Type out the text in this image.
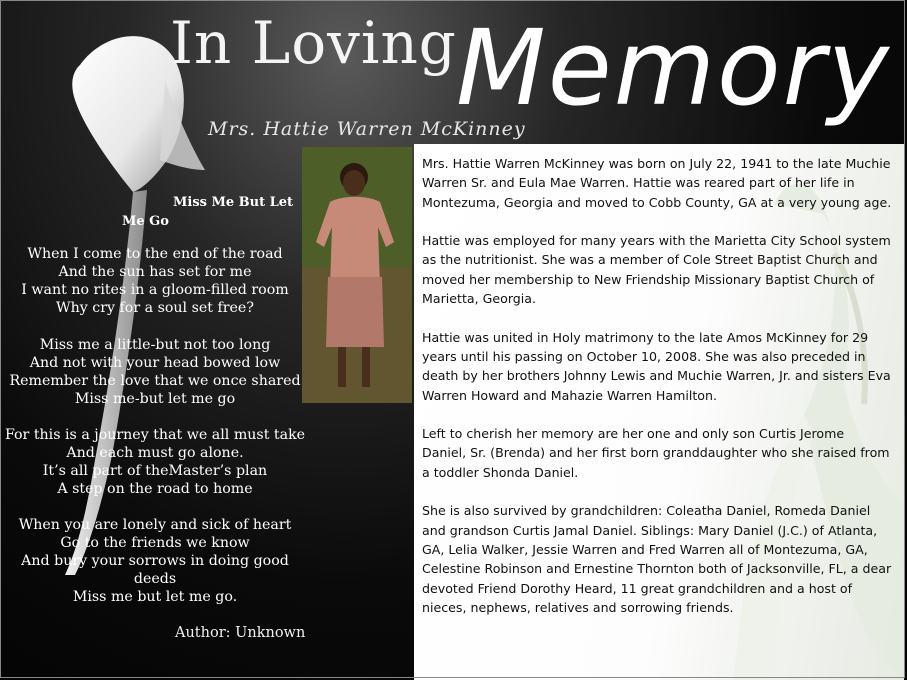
In Loving Memory
Mrs. Hattie Warren McKinney
Miss Me But Let
Me Go
When I come to the end of the road
And the sun has set for me
I want no rites in a gloom-filled room
Why cry for a soul set free?
Miss me a little-but not too long
And not with your head bowed low
Remember the love that we once shared
Miss me-but let me go
For this is a journey that we all must take
And each must go alone.
It’s all part of theMaster’s plan
A step on the road to home
When you are lonely and sick of heart
Go to the friends we know
And bury your sorrows in doing good
deeds
Miss me but let me go.
Author: Unknown

Mrs. Hattie Warren McKinney was born on July 22, 1941 to the late Muchie Warren Sr. and Eula Mae Warren. Hattie was reared part of her life in Montezuma, Georgia and moved to Cobb County, GA at a very young age.

Hattie was employed for many years with the Marietta City School system as the nutritionist. She was a member of Cole Street Baptist Church and moved her membership to New Friendship Missionary Baptist Church of Marietta, Georgia.

Hattie was united in Holy matrimony to the late Amos McKinney for 29 years until his passing on October 10, 2008. She was also preceded in death by her brothers Johnny Lewis and Muchie Warren, Jr. and sisters Eva Warren Howard and Mahazie Warren Hamilton.

Left to cherish her memory are her one and only son Curtis Jerome Daniel, Sr. (Brenda) and her first born granddaughter who she raised from a toddler Shonda Daniel.

She is also survived by grandchildren: Coleatha Daniel, Romeda Daniel and grandson Curtis Jamal Daniel. Siblings: Mary Daniel (J.C.) of Atlanta, GA, Lelia Walker, Jessie Warren and Fred Warren all of Montezuma, GA, Celestine Robinson and Ernestine Thornton both of Jacksonville, FL, a dear devoted Friend Dorothy Heard, 11 great grandchildren and a host of nieces, nephews, relatives and sorrowing friends.
